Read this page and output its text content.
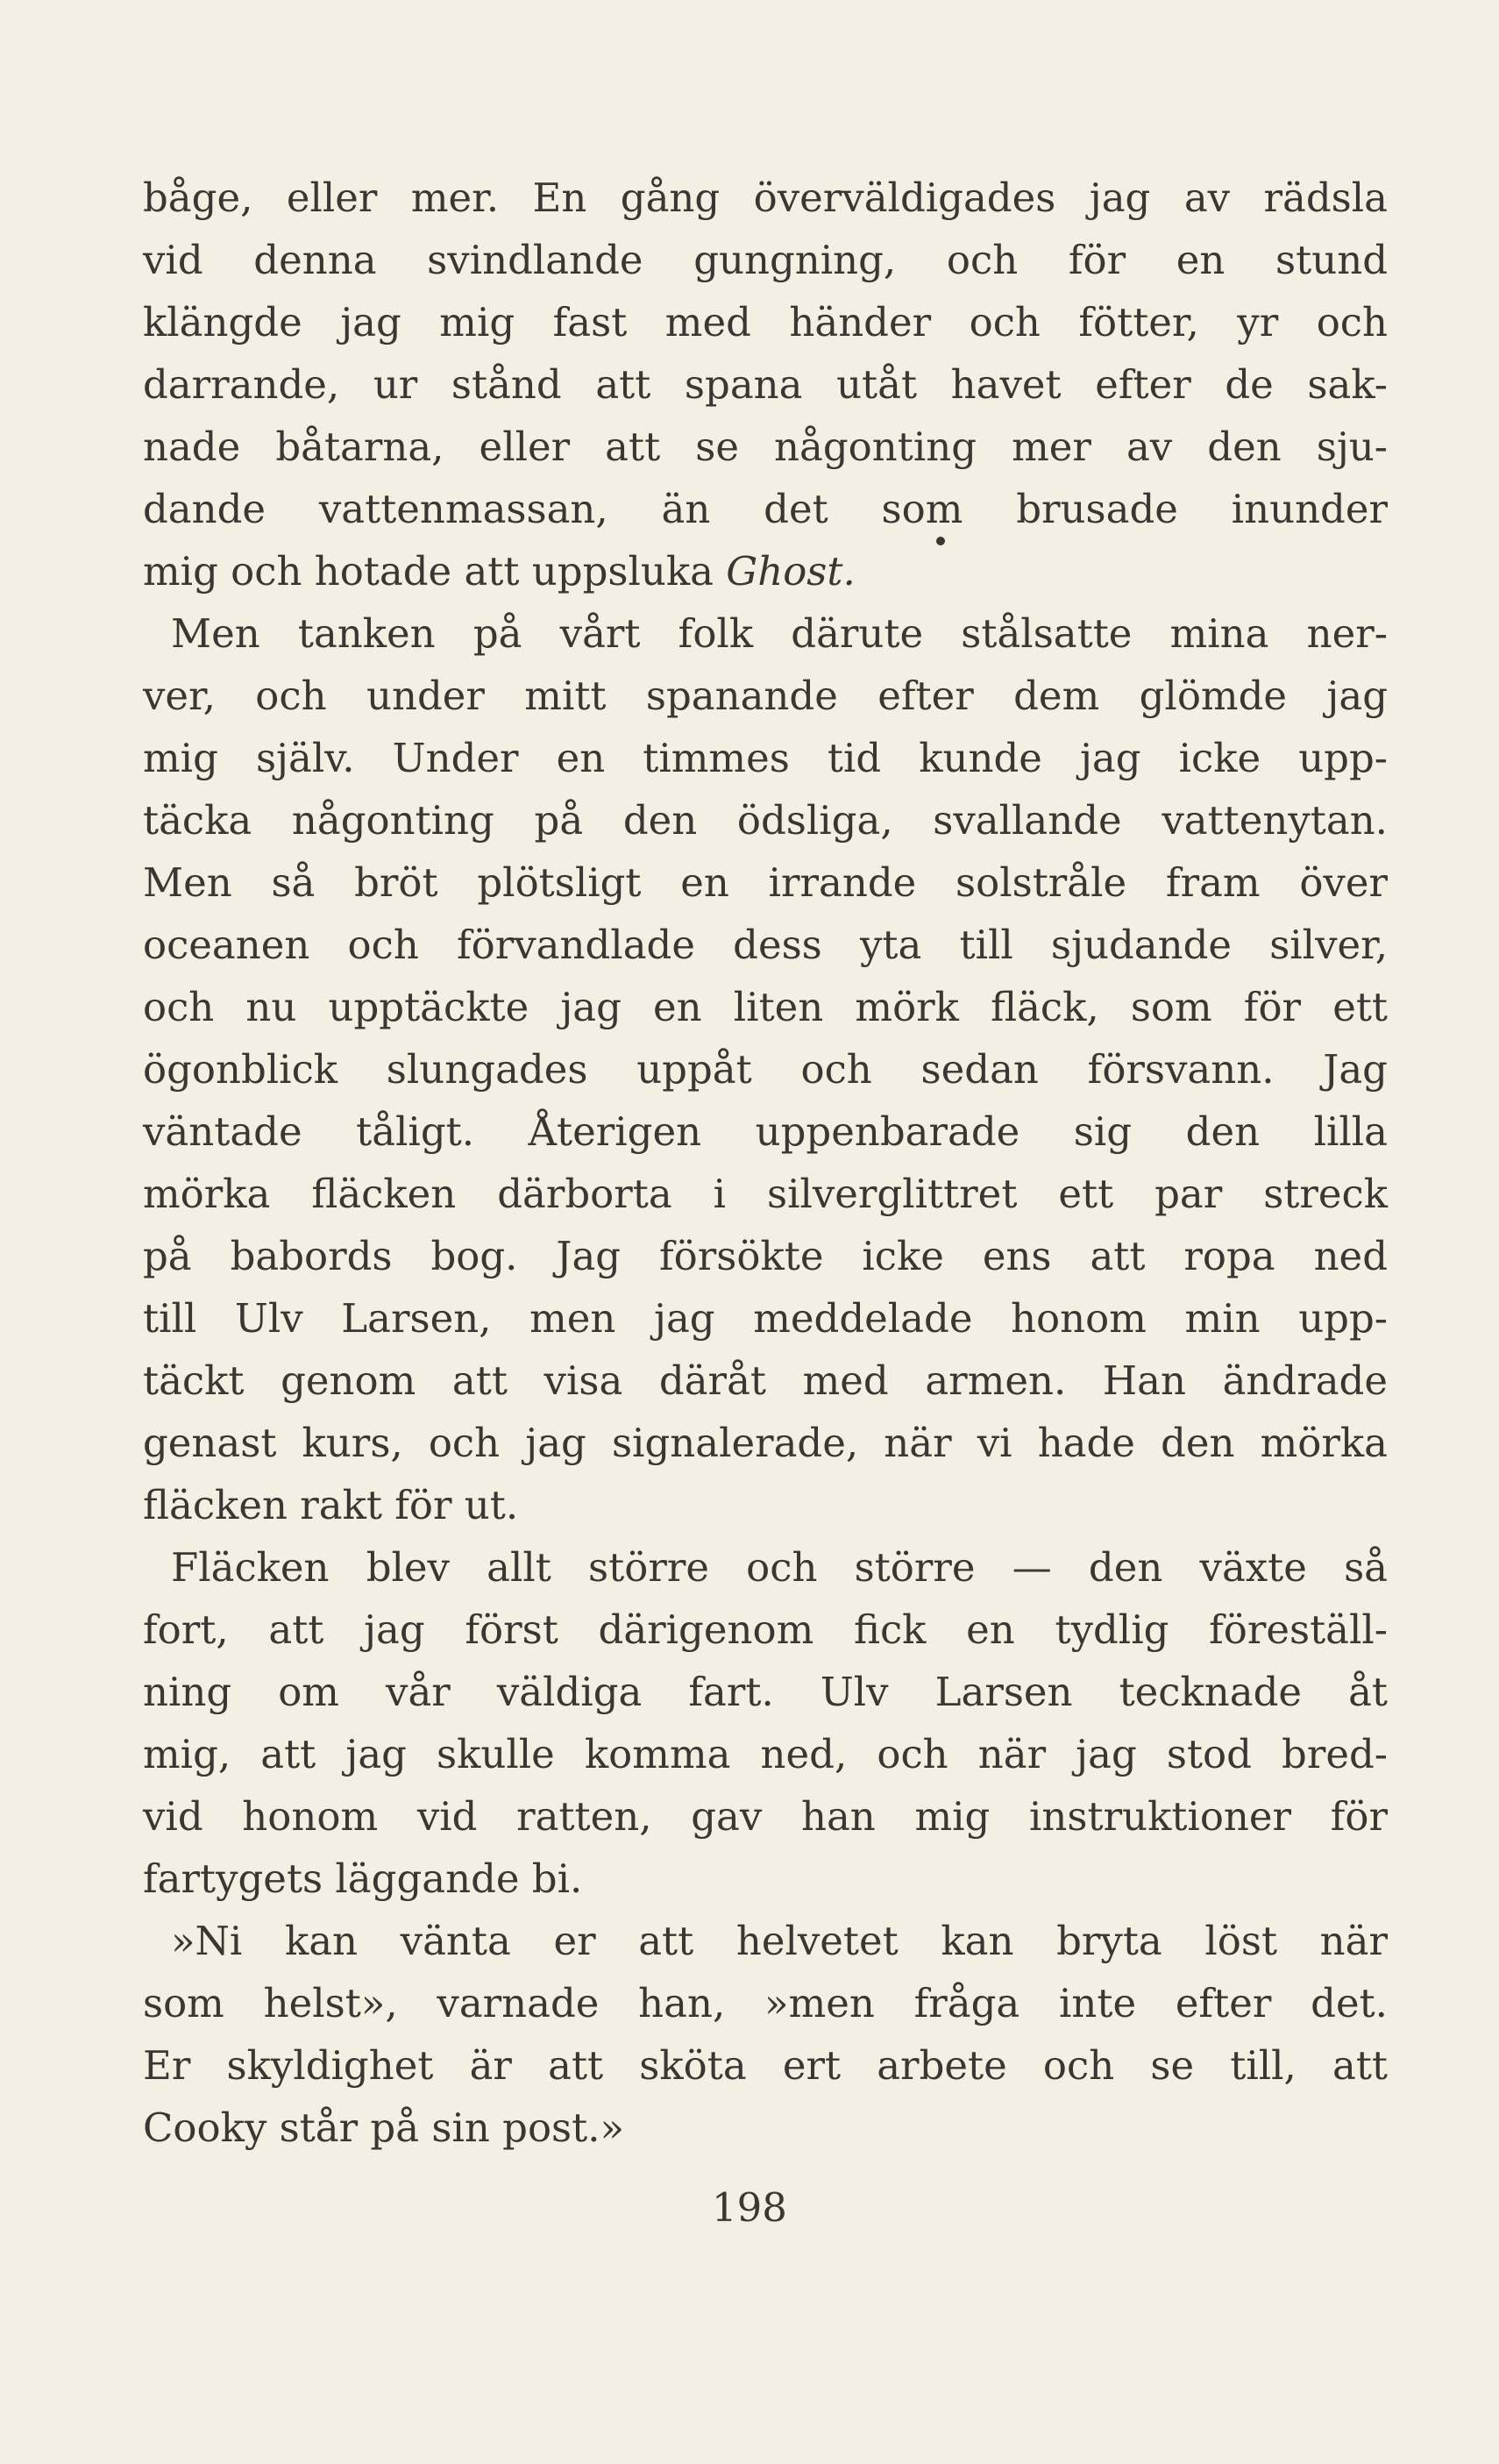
båge, eller mer. En gång överväldigades jag av rädsla
vid denna svindlande gungning, och för en stund
klängde jag mig fast med händer och fötter, yr och
darrande, ur stånd att spana utåt havet efter de sak-
nade båtarna, eller att se någonting mer av den sju-
dande vattenmassan, än det som brusade inunder
mig och hotade att uppsluka Ghost.
Men tanken på vårt folk därute stålsatte mina ner-
ver, och under mitt spanande efter dem glömde jag
mig själv. Under en timmes tid kunde jag icke upp-
täcka någonting på den ödsliga, svallande vattenytan.
Men så bröt plötsligt en irrande solstråle fram över
oceanen och förvandlade dess yta till sjudande silver,
och nu upptäckte jag en liten mörk fläck, som för ett
ögonblick slungades uppåt och sedan försvann. Jag
väntade tåligt. Återigen uppenbarade sig den lilla
mörka fläcken därborta i silverglittret ett par streck
på babords bog. Jag försökte icke ens att ropa ned
till Ulv Larsen, men jag meddelade honom min upp-
täckt genom att visa däråt med armen. Han ändrade
genast kurs, och jag signalerade, när vi hade den mörka
fläcken rakt för ut.
Fläcken blev allt större och större — den växte så
fort, att jag först därigenom fick en tydlig föreställ-
ning om vår väldiga fart. Ulv Larsen tecknade åt
mig, att jag skulle komma ned, och när jag stod bred-
vid honom vid ratten, gav han mig instruktioner för
fartygets läggande bi.
»Ni kan vänta er att helvetet kan bryta löst när
som helst», varnade han, »men fråga inte efter det.
Er skyldighet är att sköta ert arbete och se till, att
Cooky står på sin post.»
198
